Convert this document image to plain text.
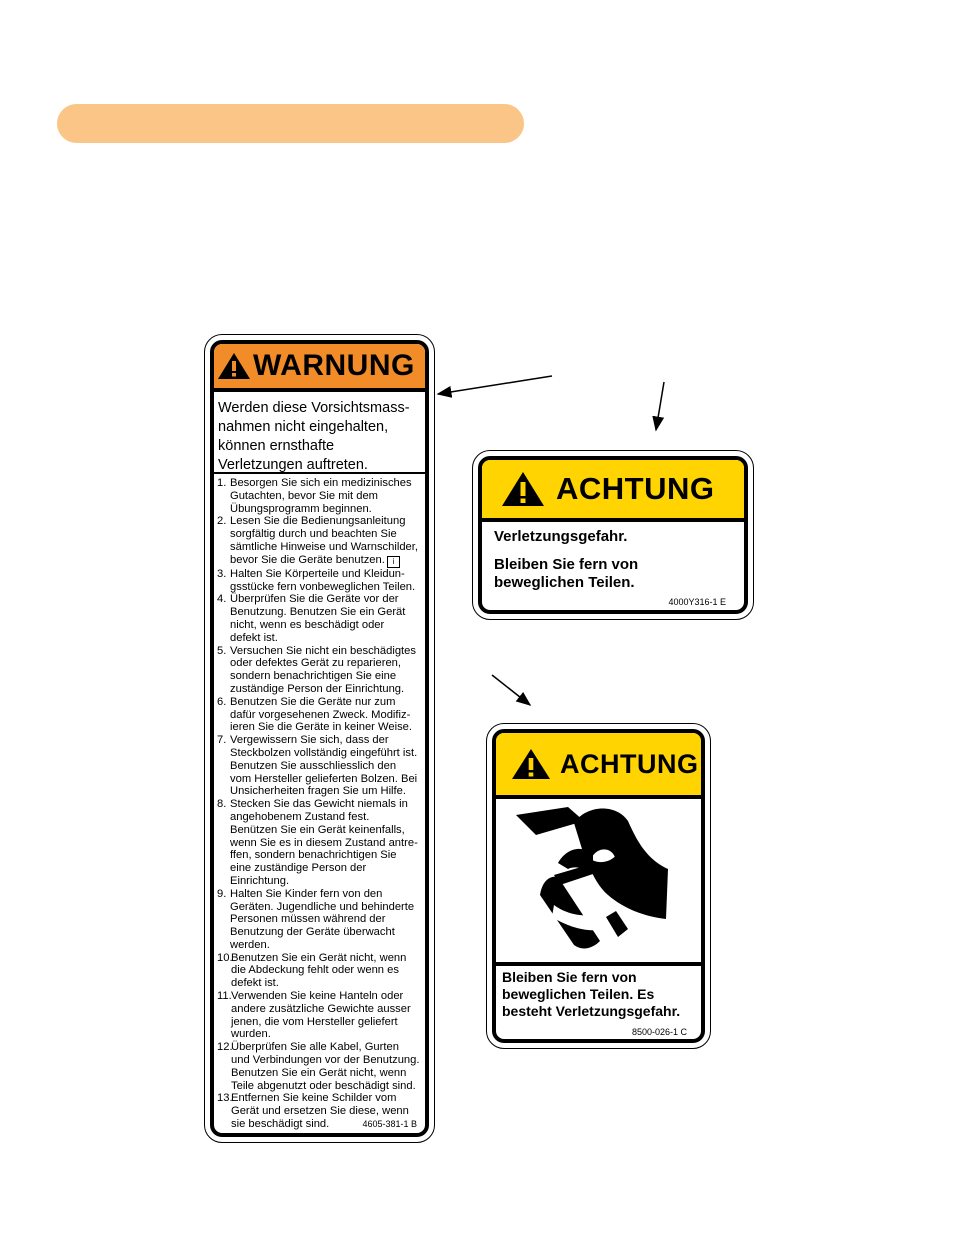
WARNUNG
Werden diese Vorsichtsmass-
nahmen nicht eingehalten,
können ernsthafte
Verletzungen auftreten.
1. Besorgen Sie sich ein medizinisches
Gutachten, bevor Sie mit dem
Übungsprogramm beginnen.
2. Lesen Sie die Bedienungsanleitung
sorgfältig durch und beachten Sie
sämtliche Hinweise und Warnschilder,
bevor Sie die Geräte benutzen. i
3. Halten Sie Körperteile und Kleidun-
gsstücke fern vonbeweglichen Teilen.
4. Überprüfen Sie die Geräte vor der
Benutzung. Benutzen Sie ein Gerät
nicht, wenn es beschädigt oder
defekt ist.
5. Versuchen Sie nicht ein beschädigtes
oder defektes Gerät zu reparieren,
sondern benachrichtigen Sie eine
zuständige Person der Einrichtung.
6. Benutzen Sie die Geräte nur zum
dafür vorgesehenen Zweck. Modifiz-
ieren Sie die Geräte in keiner Weise.
7. Vergewissern Sie sich, dass der
Steckbolzen vollständig eingeführt ist.
Benutzen Sie ausschliesslich den
vom Hersteller gelieferten Bolzen. Bei
Unsicherheiten fragen Sie um Hilfe.
8. Stecken Sie das Gewicht niemals in
angehobenem Zustand fest.
Benützen Sie ein Gerät keinenfalls,
wenn Sie es in diesem Zustand antre-
ffen, sondern benachrichtigen Sie
eine zuständige Person der
Einrichtung.
9. Halten Sie Kinder fern von den
Geräten. Jugendliche und behinderte
Personen müssen während der
Benutzung der Geräte überwacht
werden.
10.
Benutzen Sie ein Gerät nicht, wenn
die Abdeckung fehlt oder wenn es
defekt ist.
11. Verwenden Sie keine Hanteln oder
andere zusätzliche Gewichte ausser
jenen, die vom Hersteller geliefert
wurden.
12.
Überprüfen Sie alle Kabel, Gurten
und Verbindungen vor der Benutzung.
Benutzen Sie ein Gerät nicht, wenn
Teile abgenutzt oder beschädigt sind.
13.
Entfernen Sie keine Schilder vom
Gerät und ersetzen Sie diese, wenn
sie beschädigt sind.	4605-381-1 B
ACHTUNG

Verletzungsgefahr.

Bleiben Sie fern von
beweglichen Teilen.

4000Y316-1 E
ACHTUNG
Bleiben Sie fern von
beweglichen Teilen. Es
besteht Verletzungsgefahr.
8500-026-1 C
